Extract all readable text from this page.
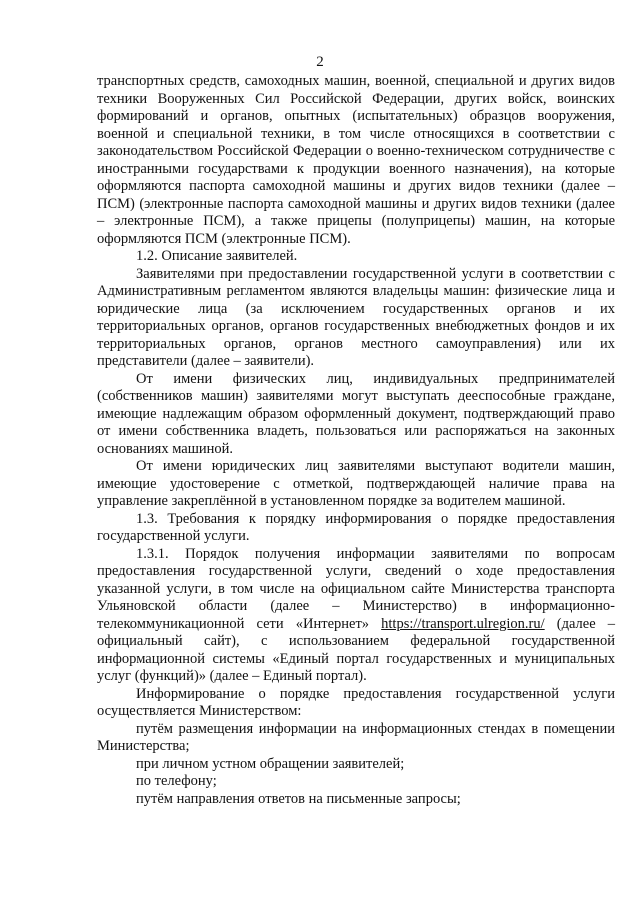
2

транспортных средств, самоходных машин, военной, специальной и других видов техники Вооруженных Сил Российской Федерации, других войск, воинских формирований и органов, опытных (испытательных) образцов вооружения, военной и специальной техники, в том числе относящихся в соответствии с законодательством Российской Федерации о военно-техническом сотрудничестве с иностранными государствами к продукции военного назначения), на которые оформляются паспорта самоходной машины и других видов техники (далее – ПСМ) (электронные паспорта самоходной машины и других видов техники (далее – электронные ПСМ), а также прицепы (полуприцепы) машин, на которые оформляются ПСМ (электронные ПСМ).

1.2. Описание заявителей.

Заявителями при предоставлении государственной услуги в соответствии с Административным регламентом являются владельцы машин: физические лица и юридические лица (за исключением государственных органов и их территориальных органов, органов государственных внебюджетных фондов и их территориальных органов, органов местного самоуправления) или их представители (далее – заявители).

От имени физических лиц, индивидуальных предпринимателей (собственников машин) заявителями могут выступать дееспособные граждане, имеющие надлежащим образом оформленный документ, подтверждающий право от имени собственника владеть, пользоваться или распоряжаться на законных основаниях машиной.

От имени юридических лиц заявителями выступают водители машин, имеющие удостоверение с отметкой, подтверждающей наличие права на управление закреплённой в установленном порядке за водителем машиной.

1.3. Требования к порядку информирования о порядке предоставления государственной услуги.

1.3.1. Порядок получения информации заявителями по вопросам предоставления государственной услуги, сведений о ходе предоставления указанной услуги, в том числе на официальном сайте Министерства транспорта Ульяновской области (далее – Министерство) в информационно-телекоммуникационной сети «Интернет» https://transport.ulregion.ru/ (далее – официальный сайт), с использованием федеральной государственной информационной системы «Единый портал государственных и муниципальных услуг (функций)» (далее – Единый портал).

Информирование о порядке предоставления государственной услуги осуществляется Министерством:

путём размещения информации на информационных стендах в помещении Министерства;

при личном устном обращении заявителей;

по телефону;

путём направления ответов на письменные запросы;
